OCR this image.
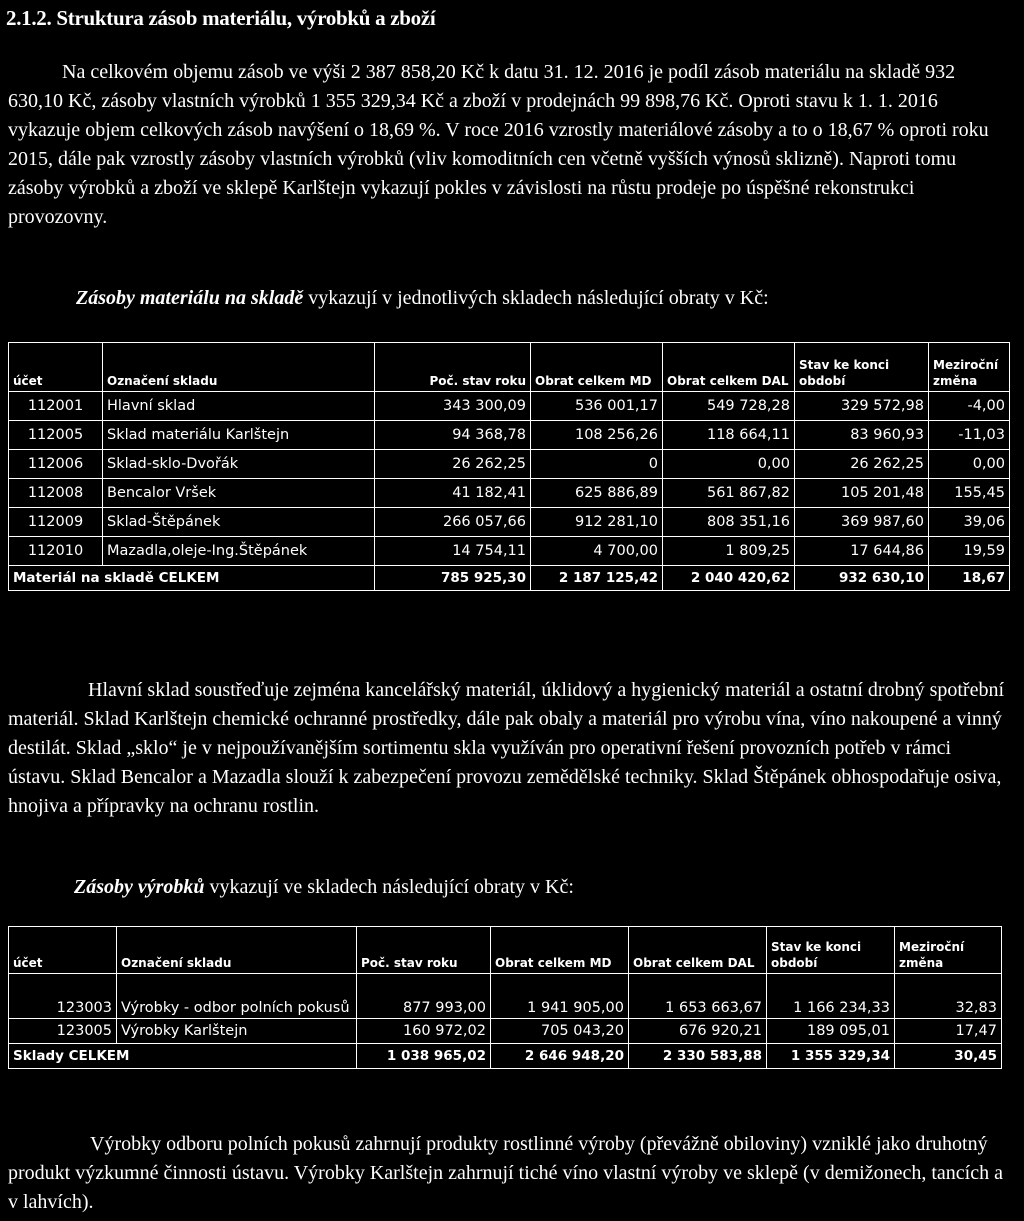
2.1.2. Struktura zásob materiálu, výrobků a zboží

Na celkovém objemu zásob ve výši 2 387 858,20 Kč k datu 31. 12. 2016 je podíl zásob materiálu na skladě 932 630,10 Kč, zásoby vlastních výrobků 1 355 329,34 Kč a zboží v prodejnách 99 898,76 Kč. Oproti stavu k 1. 1. 2016 vykazuje objem celkových zásob navýšení o 18,69 %. V roce 2016 vzrostly materiálové zásoby a to o 18,67 % oproti roku 2015, dále pak vzrostly zásoby vlastních výrobků (vliv komoditních cen včetně vyšších výnosů sklizně). Naproti tomu zásoby výrobků a zboží ve sklepě Karlštejn vykazují pokles v závislosti na růstu prodeje po úspěšné rekonstrukci provozovny.

Zásoby materiálu na skladě vykazují v jednotlivých skladech následující obraty v Kč:
účet	Označení skladu	Poč. stav roku	Obrat celkem MD	Obrat celkem DAL	Stav ke konci období	Meziroční změna
112001	Hlavní sklad	343 300,09	536 001,17	549 728,28	329 572,98	-4,00
112005	Sklad materiálu Karlštejn	94 368,78	108 256,26	118 664,11	83 960,93	-11,03
112006	Sklad-sklo-Dvořák	26 262,25	0	0,00	26 262,25	0,00
112008	Bencalor Vršek	41 182,41	625 886,89	561 867,82	105 201,48	155,45
112009	Sklad-Štěpánek	266 057,66	912 281,10	808 351,16	369 987,60	39,06
112010	Mazadla,oleje-Ing.Štěpánek	14 754,11	4 700,00	1 809,25	17 644,86	19,59
Materiál na skladě CELKEM		785 925,30	2 187 125,42	2 040 420,62	932 630,10	18,67

Hlavní sklad soustřeďuje zejména kancelářský materiál, úklidový a hygienický materiál a ostatní drobný spotřební materiál. Sklad Karlštejn chemické ochranné prostředky, dále pak obaly a materiál pro výrobu vína, víno nakoupené a vinný destilát. Sklad „sklo“ je v nejpoužívanějším sortimentu skla využíván pro operativní řešení provozních potřeb v rámci ústavu. Sklad Bencalor a Mazadla slouží k zabezpečení provozu zemědělské techniky. Sklad Štěpánek obhospodařuje osiva, hnojiva a přípravky na ochranu rostlin.

Zásoby výrobků vykazují ve skladech následující obraty v Kč:
účet	Označení skladu	Poč. stav roku	Obrat celkem MD	Obrat celkem DAL	Stav ke konci období	Meziroční změna
123003	Výrobky - odbor polních pokusů	877 993,00	1 941 905,00	1 653 663,67	1 166 234,33	32,83
123005	Výrobky Karlštejn	160 972,02	705 043,20	676 920,21	189 095,01	17,47
Sklady CELKEM		1 038 965,02	2 646 948,20	2 330 583,88	1 355 329,34	30,45

Výrobky odboru polních pokusů zahrnují produkty rostlinné výroby (převážně obiloviny) vzniklé jako druhotný produkt výzkumné činnosti ústavu. Výrobky Karlštejn zahrnují tiché víno vlastní výroby ve sklepě (v demižonech, tancích a v lahvích).
